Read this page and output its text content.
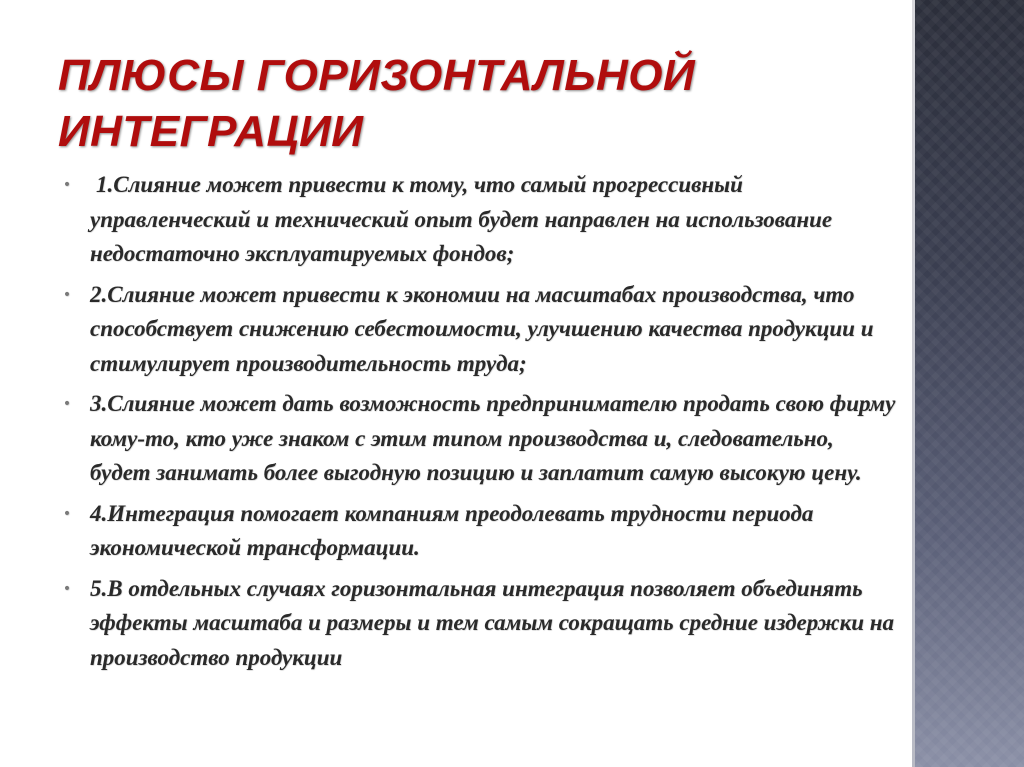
ПЛЮСЫ ГОРИЗОНТАЛЬНОЙ ИНТЕГРАЦИИ
• 1.Слияние может привести к тому, что самый прогрессивный управленческий и технический опыт будет направлен на использование недостаточно эксплуатируемых фондов;
• 2.Слияние может привести к экономии на масштабах производства, что способствует снижению себестоимости, улучшению качества продукции и стимулирует производительность труда;
• 3.Слияние может дать возможность предпринимателю продать свою фирму кому-то, кто уже знаком с этим типом производства и, следовательно, будет занимать более выгодную позицию и заплатит самую высокую цену.
• 4.Интеграция помогает компаниям преодолевать трудности периода экономической трансформации.
• 5.В отдельных случаях горизонтальная интеграция позволяет объединять эффекты масштаба и размеры и тем самым сокращать средние издержки на производство продукции
